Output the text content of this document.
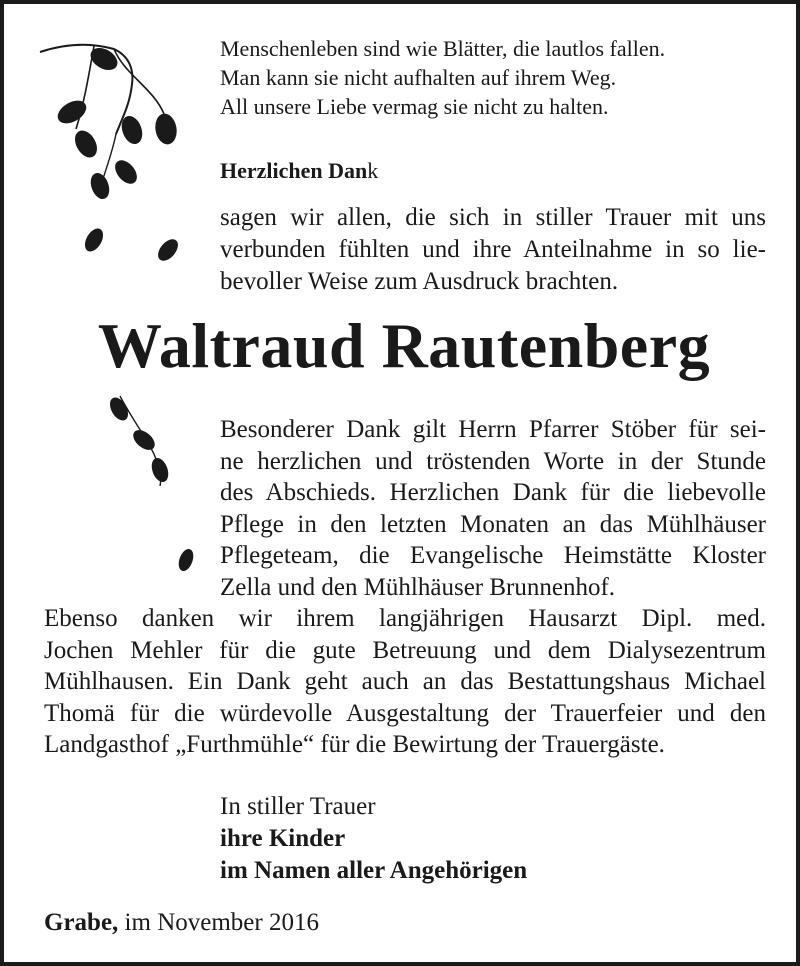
Menschenleben sind wie Blätter, die lautlos fallen.
Man kann sie nicht aufhalten auf ihrem Weg.
All unsere Liebe vermag sie nicht zu halten.
Herzlichen Dank
sagen wir allen, die sich in stiller Trauer mit uns
verbunden fühlten und ihre Anteilnahme in so lie-
bevoller Weise zum Ausdruck brachten.
Waltraud Rautenberg
Besonderer Dank gilt Herrn Pfarrer Stöber für sei-
ne herzlichen und tröstenden Worte in der Stunde
des Abschieds. Herzlichen Dank für die liebevolle
Pflege in den letzten Monaten an das Mühlhäuser
Pflegeteam, die Evangelische Heimstätte Kloster
Zella und den Mühlhäuser Brunnenhof.
Ebenso danken wir ihrem langjährigen Hausarzt Dipl. med.
Jochen Mehler für die gute Betreuung und dem Dialysezentrum
Mühlhausen. Ein Dank geht auch an das Bestattungshaus Michael
Thomä für die würdevolle Ausgestaltung der Trauerfeier und den
Landgasthof „Furthmühle“ für die Bewirtung der Trauergäste.
In stiller Trauer
ihre Kinder
im Namen aller Angehörigen
Grabe, im November 2016
